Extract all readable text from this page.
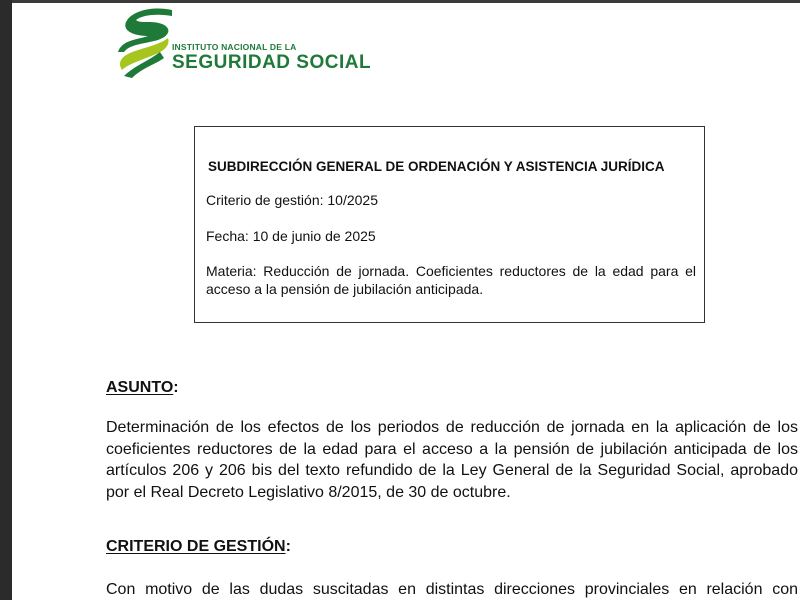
INSTITUTO NACIONAL DE LA
SEGURIDAD SOCIAL
SUBDIRECCIÓN GENERAL DE ORDENACIÓN Y ASISTENCIA JURÍDICA
Criterio de gestión: 10/2025
Fecha: 10 de junio de 2025
Materia: Reducción de jornada. Coeficientes reductores de la edad para el acceso a la pensión de jubilación anticipada.
ASUNTO:
Determinación de los efectos de los periodos de reducción de jornada en la aplicación de los coeficientes reductores de la edad para el acceso a la pensión de jubilación anticipada de los artículos 206 y 206 bis del texto refundido de la Ley General de la Seguridad Social, aprobado por el Real Decreto Legislativo 8/2015, de 30 de octubre.
CRITERIO DE GESTIÓN:
Con motivo de las dudas suscitadas en distintas direcciones provinciales en relación con
